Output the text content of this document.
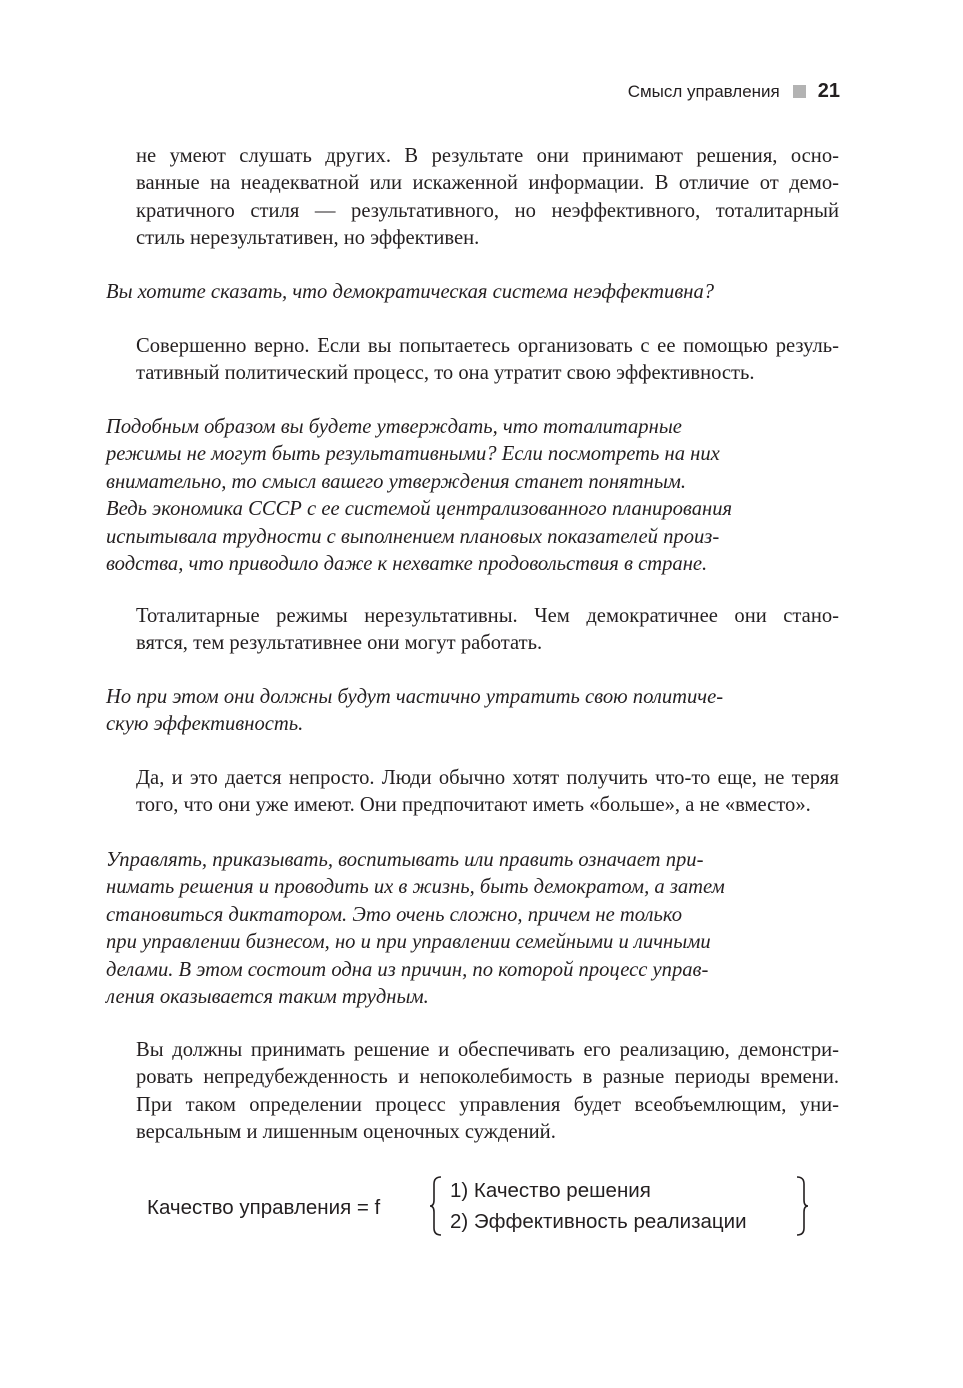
Смысл управления 21

не умеют слушать других. В результате они принимают решения, осно-
ванные на неадекватной или искаженной информации. В отличие от демо-
кратичного стиля — результативного, но неэффективного, тоталитарный
стиль нерезультативен, но эффективен.

Вы хотите сказать, что демократическая система неэффективна?

Совершенно верно. Если вы попытаетесь организовать с ее помощью резуль-
тативный политический процесс, то она утратит свою эффективность.

Подобным образом вы будете утверждать, что тоталитарные
режимы не могут быть результативными? Если посмотреть на них
внимательно, то смысл вашего утверждения станет понятным.
Ведь экономика СССР с ее системой централизованного планирования
испытывала трудности с выполнением плановых показателей произ-
водства, что приводило даже к нехватке продовольствия в стране.

Тоталитарные режимы нерезультативны. Чем демократичнее они стано-
вятся, тем результативнее они могут работать.

Но при этом они должны будут частично утратить свою политиче-
скую эффективность.

Да, и это дается непросто. Люди обычно хотят получить что-то еще, не теряя
того, что они уже имеют. Они предпочитают иметь «больше», а не «вместо».

Управлять, приказывать, воспитывать или править означает при-
нимать решения и проводить их в жизнь, быть демократом, а затем
становиться диктатором. Это очень сложно, причем не только
при управлении бизнесом, но и при управлении семейными и личными
делами. В этом состоит одна из причин, по которой процесс управ-
ления оказывается таким трудным.

Вы должны принимать решение и обеспечивать его реализацию, демонстри-
ровать непредубежденность и непоколебимость в разные периоды времени.
При таком определении процесс управления будет всеобъемлющим, уни-
версальным и лишенным оценочных суждений.

Качество управления = f
1) Качество решения
2) Эффективность реализации
